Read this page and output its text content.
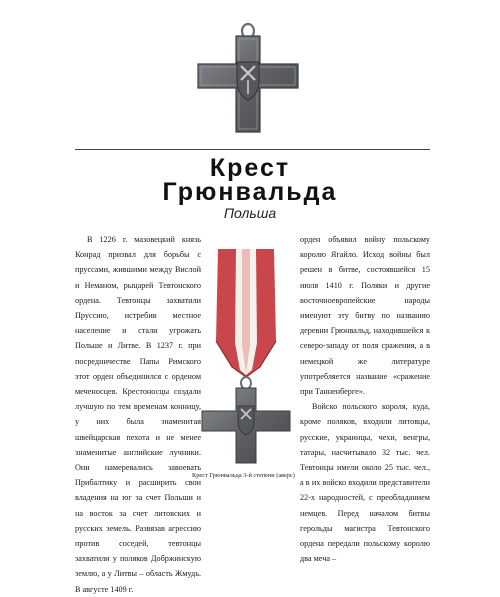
Крест
Грюнвальда
Польша

В 1226 г. мазовецкий князь Конрад призвал для борьбы с пруссами, жившими между Вислой и Неманом, рыцарей Тевтонского ордена. Тевтонцы захватили Пруссию, истребив местное население и стали угрожать Польше и Литве. В 1237 г. при посредничестве Папы Римского этот орден объединился с орденом меченосцев. Крестоносцы создали лучшую по тем временам конницу, у них была знаменитая швейцарская пехота и не менее знаменитые английские лучники. Они намеревались завоевать Прибалтику и расширить свои владения на юг за счет Польши и на восток за счет литовских и русских земель. Развязав агрессию против соседей, тевтонцы захватили у поляков Добржинскую землю, а у Литвы – область Жмудь. В августе 1409 г.

орден объявил войну польскому королю Ягайло. Исход войны был решен в битве, состоявшейся 15 июля 1410 г. Поляки и другие восточноевропейские народы именуют эту битву по названию деревни Грюнвальд, находившейся к северо-западу от поля сражения, а в немецкой же литературе употребляется название «сражение при Танненберге».

Войско польского короля, куда, кроме поляков, входили литовцы, русские, украинцы, чехи, венгры, татары, насчитывало 32 тыс. чел. Тевтонцы имели около 25 тыс. чел., а в их войско входили представители 22-х народностей, с преобладанием немцев. Перед началом битвы герольды магистра Тевтонского ордена передали польскому королю два меча –

Крест Грюнвальда 3-й степени (аверс)
